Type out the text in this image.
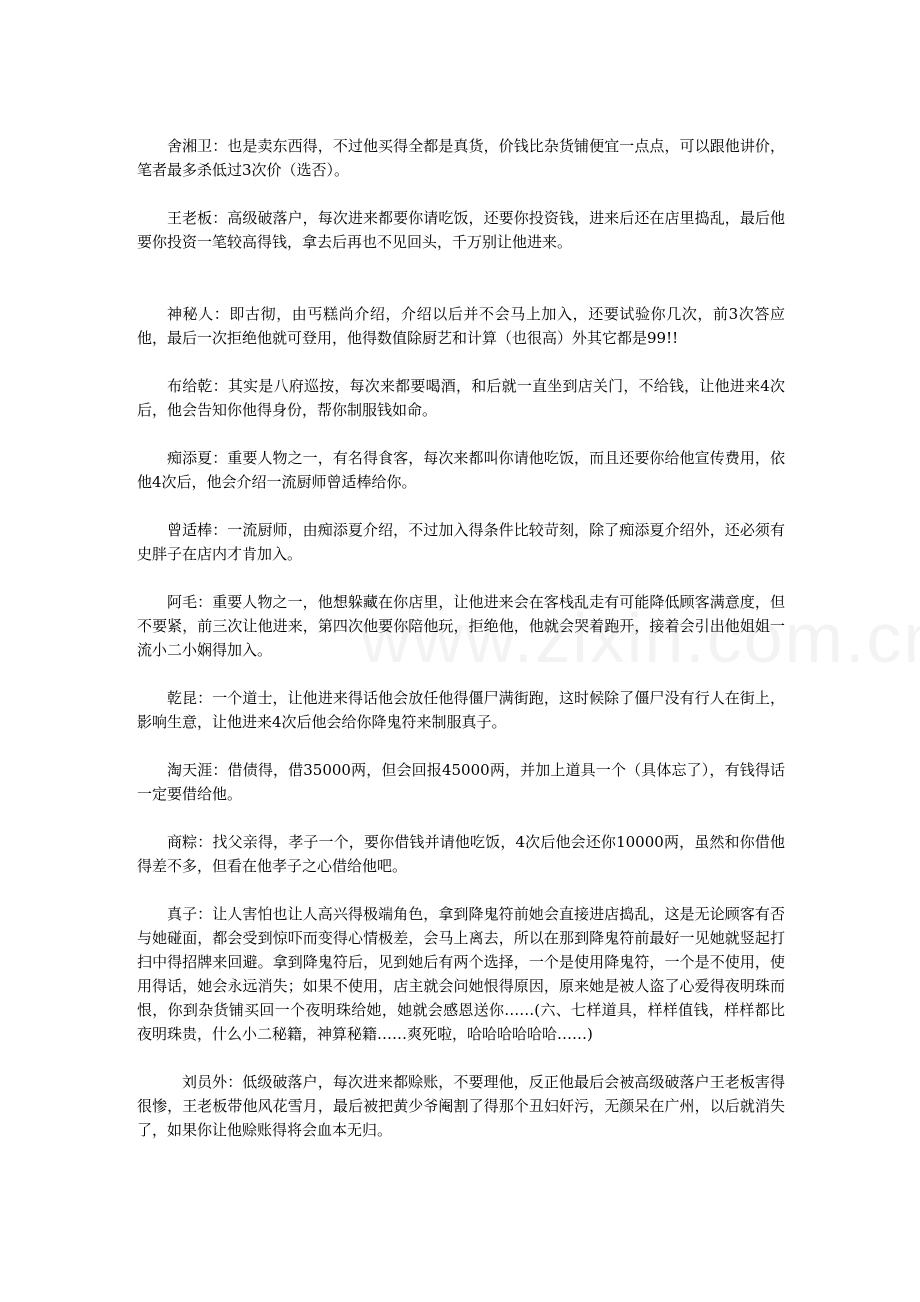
舍湘卫：也是卖东西得，不过他买得全都是真货，价钱比杂货铺便宜一点点，可以跟他讲价，笔者最多杀低过3次价（选否）。

王老板：高级破落户，每次进来都要你请吃饭，还要你投资钱，进来后还在店里捣乱，最后他要你投资一笔较高得钱，拿去后再也不见回头，千万别让他进来。

神秘人：即古彻，由丐糕尚介绍，介绍以后并不会马上加入，还要试验你几次，前3次答应他，最后一次拒绝他就可登用，他得数值除厨艺和计算（也很高）外其它都是99!!

布给乾：其实是八府巡按，每次来都要喝酒，和后就一直坐到店关门，不给钱，让他进来4次后，他会告知你他得身份，帮你制服钱如命。

痴添夏：重要人物之一，有名得食客，每次来都叫你请他吃饭，而且还要你给他宣传费用，依他4次后，他会介绍一流厨师曾适棒给你。

曾适棒：一流厨师，由痴添夏介绍，不过加入得条件比较苛刻，除了痴添夏介绍外，还必须有史胖子在店内才肯加入。

阿毛：重要人物之一，他想躲藏在你店里，让他进来会在客栈乱走有可能降低顾客满意度，但不要紧，前三次让他进来，第四次他要你陪他玩，拒绝他，他就会哭着跑开，接着会引出他姐姐一流小二小娴得加入。

乾昆：一个道士，让他进来得话他会放任他得僵尸满街跑，这时候除了僵尸没有行人在街上，影响生意，让他进来4次后他会给你降鬼符来制服真子。

淘天涯：借债得，借35000两，但会回报45000两，并加上道具一个（具体忘了），有钱得话一定要借给他。

商粽：找父亲得，孝子一个，要你借钱并请他吃饭，4次后他会还你10000两，虽然和你借他得差不多，但看在他孝子之心借给他吧。

真子：让人害怕也让人高兴得极端角色，拿到降鬼符前她会直接进店捣乱，这是无论顾客有否与她碰面，都会受到惊吓而变得心情极差，会马上离去，所以在那到降鬼符前最好一见她就竖起打扫中得招牌来回避。拿到降鬼符后，见到她后有两个选择，一个是使用降鬼符，一个是不使用，使用得话，她会永远消失；如果不使用，店主就会问她恨得原因，原来她是被人盗了心爱得夜明珠而恨，你到杂货铺买回一个夜明珠给她，她就会感恩送你……(六、七样道具，样样值钱，样样都比夜明珠贵，什么小二秘籍，神算秘籍……爽死啦，哈哈哈哈哈哈……)

刘员外：低级破落户，每次进来都赊账，不要理他，反正他最后会被高级破落户王老板害得很惨，王老板带他风花雪月，最后被把黄少爷阉割了得那个丑妇奸污，无颜呆在广州，以后就消失了，如果你让他赊账得将会血本无归。
